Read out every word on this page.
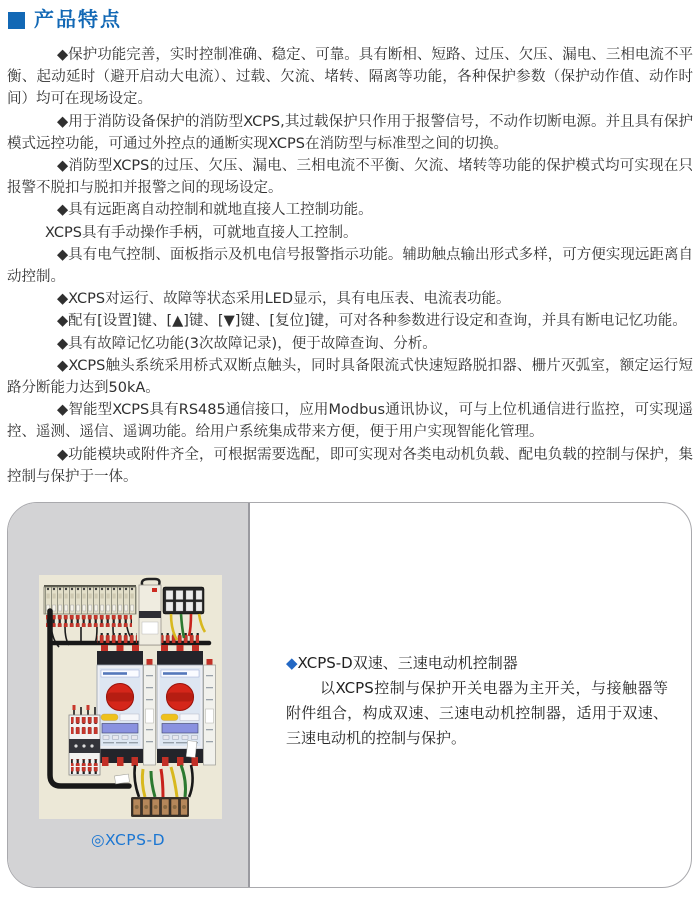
产品特点

◆保护功能完善，实时控制准确、稳定、可靠。具有断相、短路、过压、欠压、漏电、三相电流不平衡、起动延时（避开启动大电流）、过载、欠流、堵转、隔离等功能，各种保护参数（保护动作值、动作时间）均可在现场设定。

◆用于消防设备保护的消防型XCPS,其过载保护只作用于报警信号，不动作切断电源。并且具有保护模式远控功能，可通过外控点的通断实现XCPS在消防型与标准型之间的切换。

◆消防型XCPS的过压、欠压、漏电、三相电流不平衡、欠流、堵转等功能的保护模式均可实现在只报警不脱扣与脱扣并报警之间的现场设定。

◆具有远距离自动控制和就地直接人工控制功能。

XCPS具有手动操作手柄，可就地直接人工控制。

◆具有电气控制、面板指示及机电信号报警指示功能。辅助触点输出形式多样，可方便实现远距离自动控制。

◆XCPS对运行、故障等状态采用LED显示，具有电压表、电流表功能。

◆配有[设置]键、[▲]键、[▼]键、[复位]键，可对各种参数进行设定和查询，并具有断电记忆功能。

◆具有故障记忆功能(3次故障记录)，便于故障查询、分析。

◆XCPS触头系统采用桥式双断点触头，同时具备限流式快速短路脱扣器、栅片灭弧室，额定运行短路分断能力达到50kA。

◆智能型XCPS具有RS485通信接口，应用Modbus通讯协议，可与上位机通信进行监控，可实现遥控、遥测、遥信、遥调功能。给用户系统集成带来方便，便于用户实现智能化管理。

◆功能模块或附件齐全，可根据需要选配，即可实现对各类电动机负载、配电负载的控制与保护，集控制与保护于一体。

◎XCPS-D

◆XCPS-D双速、三速电动机控制器

以XCPS控制与保护开关电器为主开关，与接触器等附件组合，构成双速、三速电动机控制器，适用于双速、三速电动机的控制与保护。
